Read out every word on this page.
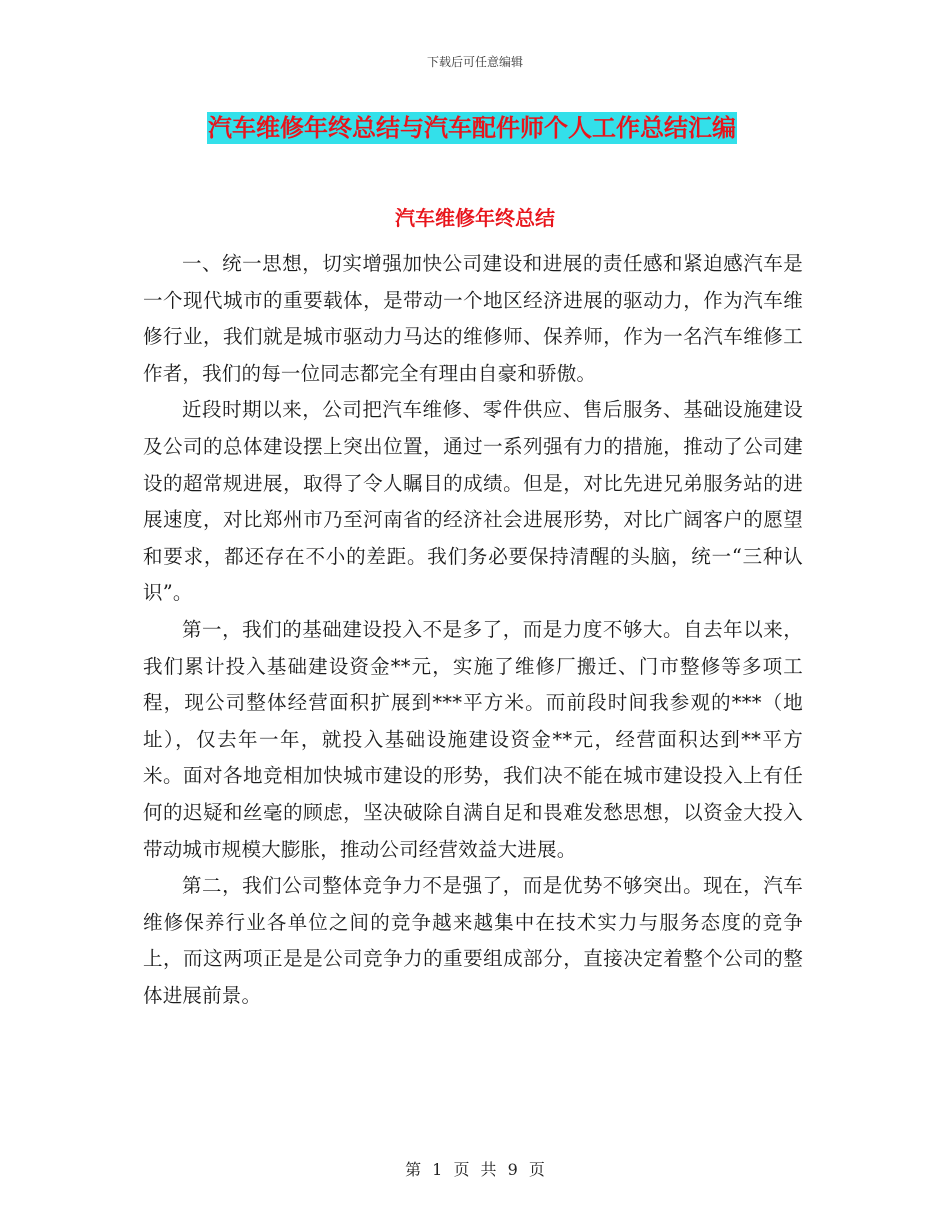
下载后可任意编辑
汽车维修年终总结与汽车配件师个人工作总结汇编
汽车维修年终总结

一、统一思想，切实增强加快公司建设和进展的责任感和紧迫感汽车是一个现代城市的重要载体，是带动一个地区经济进展的驱动力，作为汽车维修行业，我们就是城市驱动力马达的维修师、保养师，作为一名汽车维修工作者，我们的每一位同志都完全有理由自豪和骄傲。

近段时期以来，公司把汽车维修、零件供应、售后服务、基础设施建设及公司的总体建设摆上突出位置，通过一系列强有力的措施，推动了公司建设的超常规进展，取得了令人瞩目的成绩。但是，对比先进兄弟服务站的进展速度，对比郑州市乃至河南省的经济社会进展形势，对比广阔客户的愿望和要求，都还存在不小的差距。我们务必要保持清醒的头脑，统一“三种认识”。

第一，我们的基础建设投入不是多了，而是力度不够大。自去年以来，我们累计投入基础建设资金**元，实施了维修厂搬迁、门市整修等多项工程，现公司整体经营面积扩展到***平方米。而前段时间我参观的***（地址），仅去年一年，就投入基础设施建设资金**元，经营面积达到**平方米。面对各地竞相加快城市建设的形势，我们决不能在城市建设投入上有任何的迟疑和丝毫的顾虑，坚决破除自满自足和畏难发愁思想，以资金大投入带动城市规模大膨胀，推动公司经营效益大进展。

第二，我们公司整体竞争力不是强了，而是优势不够突出。现在，汽车维修保养行业各单位之间的竞争越来越集中在技术实力与服务态度的竞争上，而这两项正是是公司竞争力的重要组成部分，直接决定着整个公司的整体进展前景。

第 1 页 共 9 页
